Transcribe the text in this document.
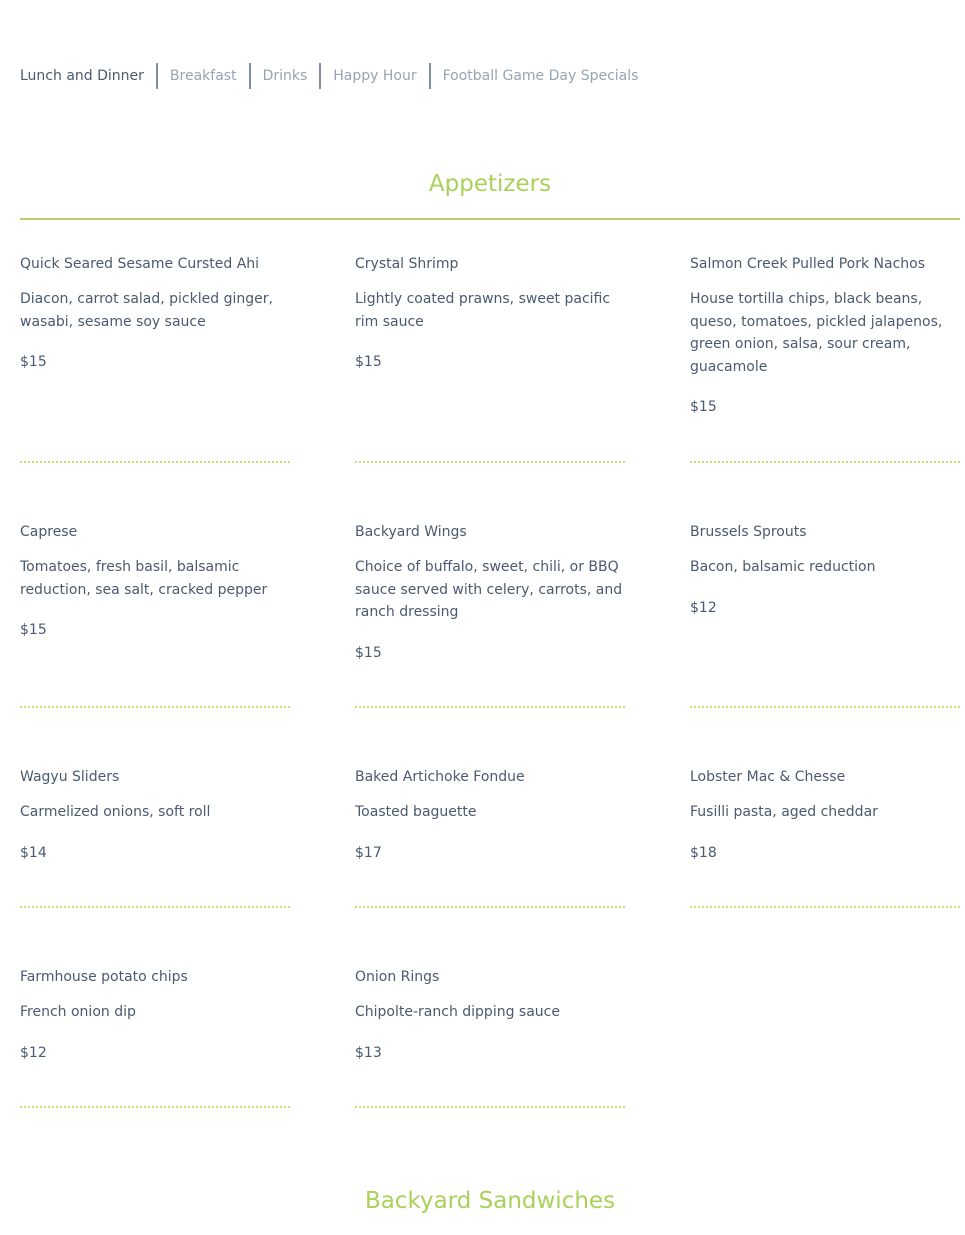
Lunch and Dinner	Breakfast	Drinks	Happy Hour	Football Game Day Specials
Appetizers
Quick Seared Sesame Cursted Ahi
Diacon, carrot salad, pickled ginger, wasabi, sesame soy sauce
$15
Crystal Shrimp
Lightly coated prawns, sweet pacific rim sauce
$15
Salmon Creek Pulled Pork Nachos
House tortilla chips, black beans, queso, tomatoes, pickled jalapenos, green onion, salsa, sour cream, guacamole
$15
Caprese
Tomatoes, fresh basil, balsamic reduction, sea salt, cracked pepper
$15
Backyard Wings
Choice of buffalo, sweet, chili, or BBQ sauce served with celery, carrots, and ranch dressing
$15
Brussels Sprouts
Bacon, balsamic reduction
$12
Wagyu Sliders
Carmelized onions, soft roll
$14
Baked Artichoke Fondue
Toasted baguette
$17
Lobster Mac & Chesse
Fusilli pasta, aged cheddar
$18
Farmhouse potato chips
French onion dip
$12
Onion Rings
Chipolte-ranch dipping sauce
$13
Backyard Sandwiches
